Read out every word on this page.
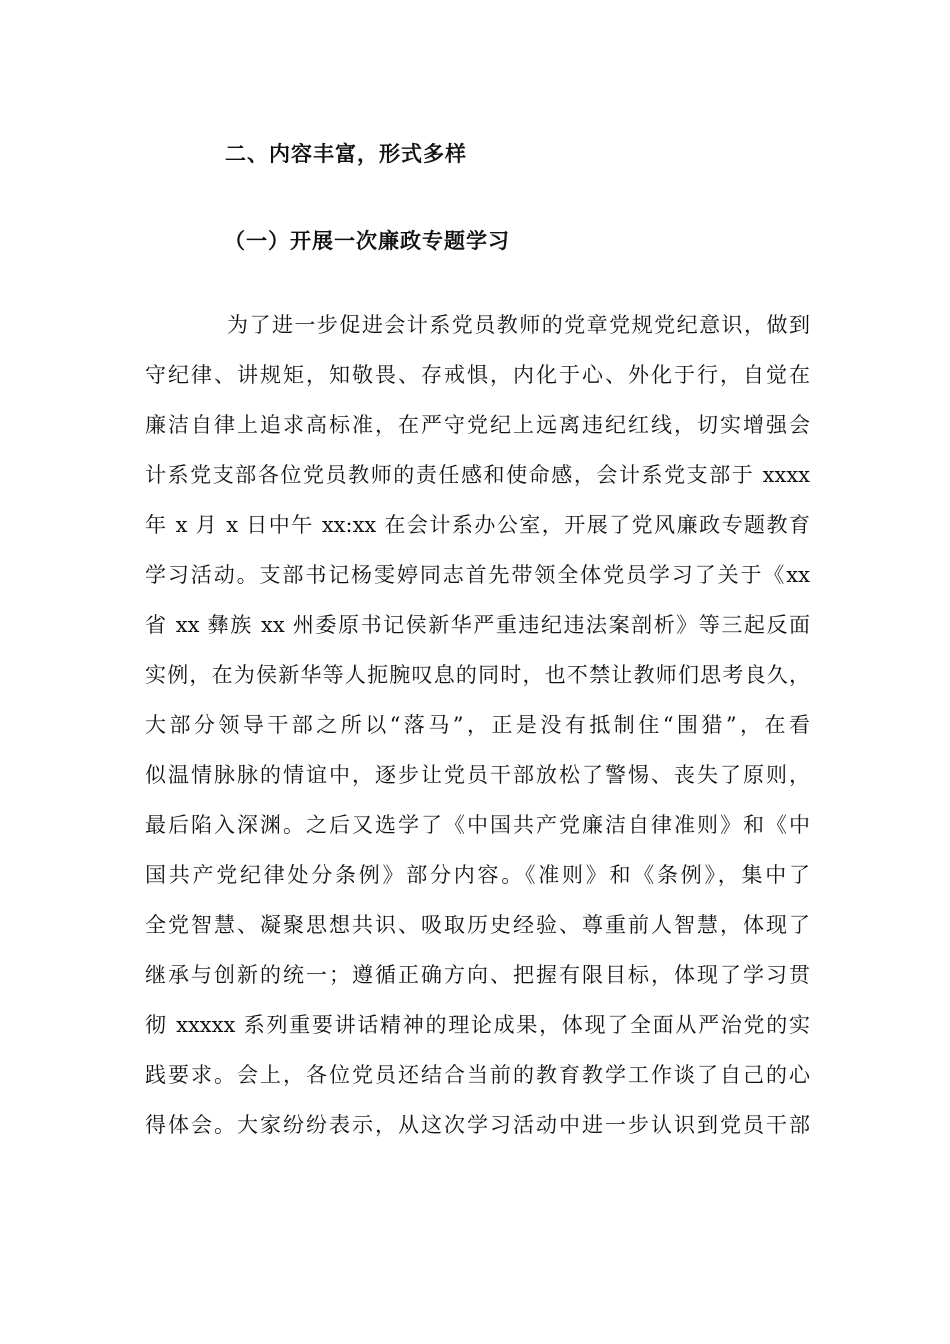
二、内容丰富，形式多样
（一）开展一次廉政专题学习
为了进一步促进会计系党员教师的党章党规党纪意识，做到
守纪律、讲规矩，知敬畏、存戒惧，内化于心、外化于行，自觉在
廉洁自律上追求高标准，在严守党纪上远离违纪红线，切实增强会
计系党支部各位党员教师的责任感和使命感，会计系党支部于 xxxx
年 x 月 x 日中午 xx:xx 在会计系办公室，开展了党风廉政专题教育
学习活动。支部书记杨雯婷同志首先带领全体党员学习了关于《xx
省 xx 彝族 xx 州委原书记侯新华严重违纪违法案剖析》等三起反面
实例，在为侯新华等人扼腕叹息的同时，也不禁让教师们思考良久，
大部分领导干部之所以“落马”，正是没有抵制住“围猎”，在看
似温情脉脉的情谊中，逐步让党员干部放松了警惕、丧失了原则，
最后陷入深渊。之后又选学了《中国共产党廉洁自律准则》和《中
国共产党纪律处分条例》部分内容。《准则》和《条例》，集中了
全党智慧、凝聚思想共识、吸取历史经验、尊重前人智慧，体现了
继承与创新的统一；遵循正确方向、把握有限目标，体现了学习贯
彻 xxxxx 系列重要讲话精神的理论成果，体现了全面从严治党的实
践要求。会上，各位党员还结合当前的教育教学工作谈了自己的心
得体会。大家纷纷表示，从这次学习活动中进一步认识到党员干部
